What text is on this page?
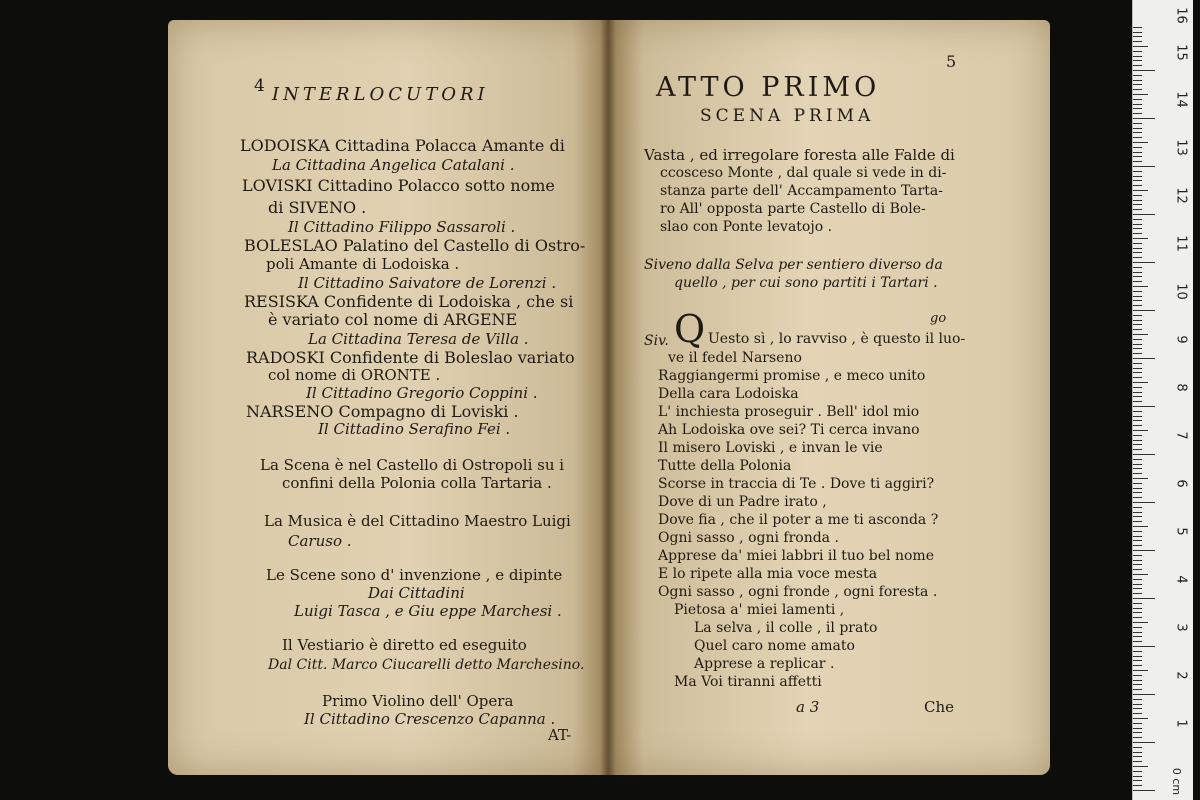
4 INTERLOCUTORI
LODOISKA Cittadina Polacca Amante di
La Cittadina Angelica Catalani .
LOVISKI Cittadino Polacco sotto nome
di SIVENO .
Il Cittadino Filippo Sassaroli .
BOLESLAO Palatino del Castello di Ostro-
poli Amante di Lodoiska .
Il Cittadino Saivatore de Lorenzi .
RESISKA Confidente di Lodoiska , che si
è variato col nome di ARGENE
La Cittadina Teresa de Villa .
RADOSKI Confidente di Boleslao variato
col nome di ORONTE .
Il Cittadino Gregorio Coppini .
NARSENO Compagno di Loviski .
Il Cittadino Serafino Fei .
La Scena è nel Castello di Ostropoli su i
confini della Polonia colla Tartaria .
La Musica è del Cittadino Maestro Luigi
Caruso .
Le Scene sono d' invenzione , e dipinte
Dai Cittadini
Luigi Tasca , e Giu eppe Marchesi .
Il Vestiario è diretto ed eseguito
Dal Citt. Marco Ciucarelli detto Marchesino.
Primo Violino dell' Opera
Il Cittadino Crescenzo Capanna .
AT-
5
ATTO PRIMO
SCENA PRIMA
Vasta , ed irregolare foresta alle Falde di
ccosceso Monte , dal quale si vede in di-
stanza parte dell' Accampamento Tarta-
ro All' opposta parte Castello di Bole-
slao con Ponte levatojo .
Siveno dalla Selva per sentiero diverso da
quello , per cui sono partiti i Tartari .
go
Siv. Q Uesto sì , lo ravviso , è questo il luo-
ve il fedel Narseno
Raggiangermi promise , e meco unito
Della cara Lodoiska
L' inchiesta proseguir . Bell' idol mio
Ah Lodoiska ove sei? Ti cerca invano
Il misero Loviski , e invan le vie
Tutte della Polonia
Scorse in traccia di Te . Dove ti aggiri?
Dove di un Padre irato ,
Dove fia , che il poter a me ti asconda ?
Ogni sasso , ogni fronda .
Apprese da' miei labbri il tuo bel nome
E lo ripete alla mia voce mesta
Ogni sasso , ogni fronde , ogni foresta .
Pietosa a' miei lamenti ,
La selva , il colle , il prato
Quel caro nome amato
Apprese a replicar .
Ma Voi tiranni affetti
a 3	Che
16
15
14
13
12
11
10
9
8
7
6
5
4
3
2
1
0 cm
